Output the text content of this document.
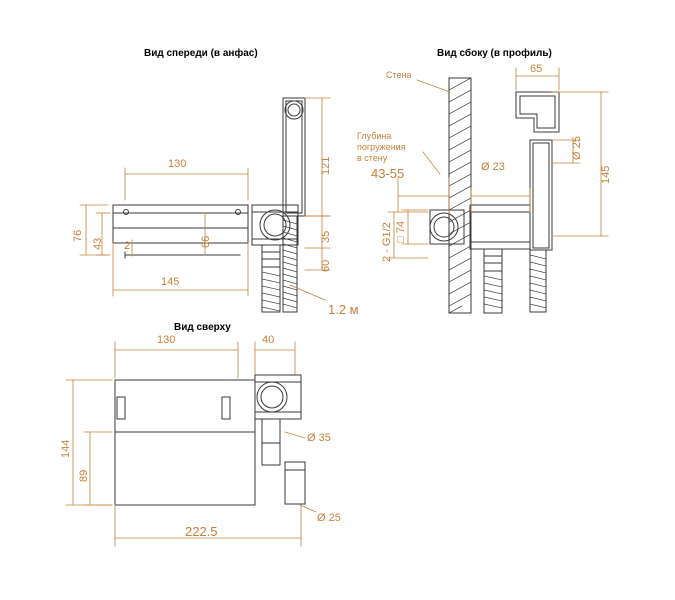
Вид спереди (в анфас)	Вид сбоку (в профиль)
Вид сверху
130	121
76
43 2	66	35
60
145
1.2 м
Стена
Глубина
погружения
в стену
65
Ø 25
145
Ø 23
43-55
□ 74
2 - G1/2
130	40
144
89
Ø 35
Ø 25
222.5
